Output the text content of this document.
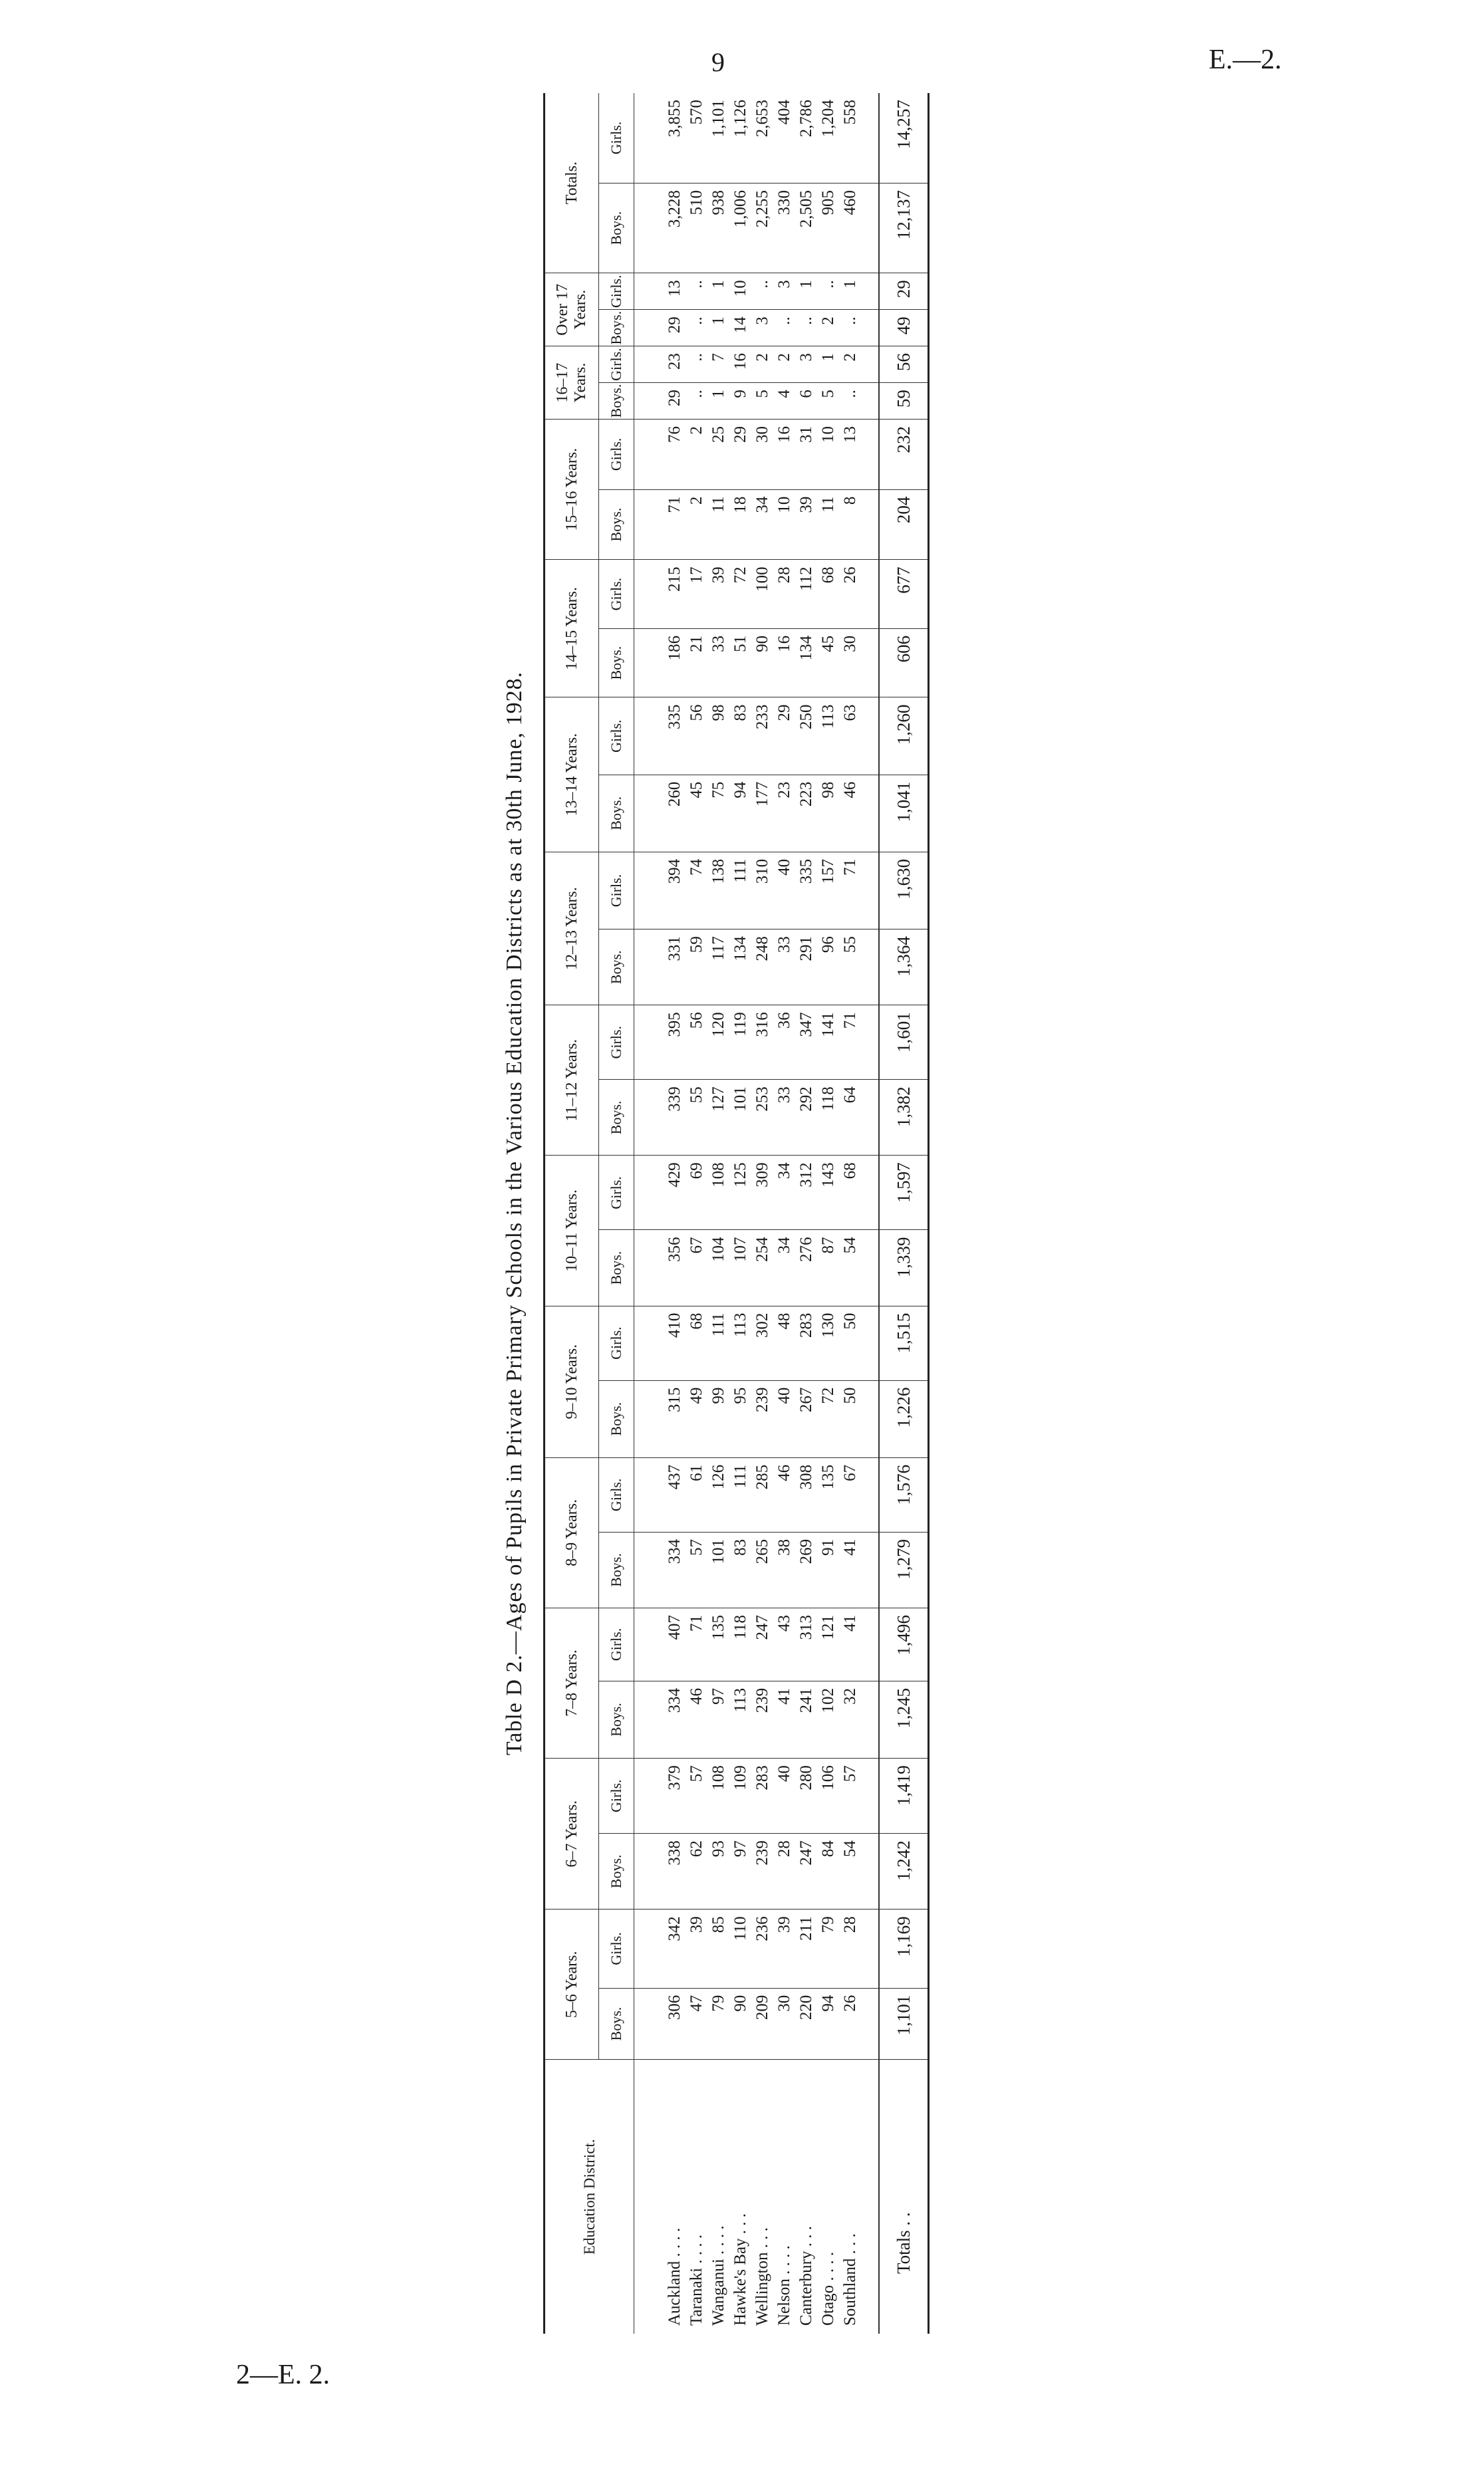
9	E.—2.
Table D 2.—Ages of Pupils in Private Primary Schools in the Various Education Districts as at 30th June, 1928.
Education District.	5–6 Years.		6–7 Years.		7–8 Years.		8–9 Years.		9–10 Years.		10–11 Years.		11–12 Years.		12–13 Years.		13–14 Years.		14–15 Years.		15–16 Years.		16–17 Years.		Over 17 Years.		Totals.	
	Boys.	Girls.	Boys.	Girls.	Boys.	Girls.	Boys.	Girls.	Boys.	Girls.	Boys.	Girls.	Boys.	Girls.	Boys.	Girls.	Boys.	Girls.	Boys.	Girls.	Boys.	Girls.	Boys.	Girls.	Boys.	Girls.	Boys.	Girls.
Auckland . . . .	306	342	338	379	334	407	334	437	315	410	356	429	339	395	331	394	260	335	186	215	71	76	29	23	29	13	3,228	3,855
Taranaki . . . .	47	39	62	57	46	71	57	61	49	68	67	69	55	56	59	74	45	56	21	17	2	2	..	..	..	..	510	570
Wanganui . . . .	79	85	93	108	97	135	101	126	99	111	104	108	127	120	117	138	75	98	33	39	11	25	1	7	1	1	938	1,101
Hawke's Bay . . .	90	110	97	109	113	118	83	111	95	113	107	125	101	119	134	111	94	83	51	72	18	29	9	16	14	10	1,006	1,126
Wellington . . .	209	236	239	283	239	247	265	285	239	302	254	309	253	316	248	310	177	233	90	100	34	30	5	2	3	..	2,255	2,653
Nelson . . . .	30	39	28	40	41	43	38	46	40	48	34	34	33	36	33	40	23	29	16	28	10	16	4	2	..	3	330	404
Canterbury . . .	220	211	247	280	241	313	269	308	267	283	276	312	292	347	291	335	223	250	134	112	39	31	6	3	..	1	2,505	2,786
Otago . . . .	94	79	84	106	102	121	91	135	72	130	87	143	118	141	96	157	98	113	45	68	11	10	5	1	2	..	905	1,204
Southland . . .	26	28	54	57	32	41	41	67	50	50	54	68	64	71	55	71	46	63	30	26	8	13	..	2	..	1	460	558
Totals . .	1,101	1,169	1,242	1,419	1,245	1,496	1,279	1,576	1,226	1,515	1,339	1,597	1,382	1,601	1,364	1,630	1,041	1,260	606	677	204	232	59	56	49	29	12,137	14,257
2—E. 2.
